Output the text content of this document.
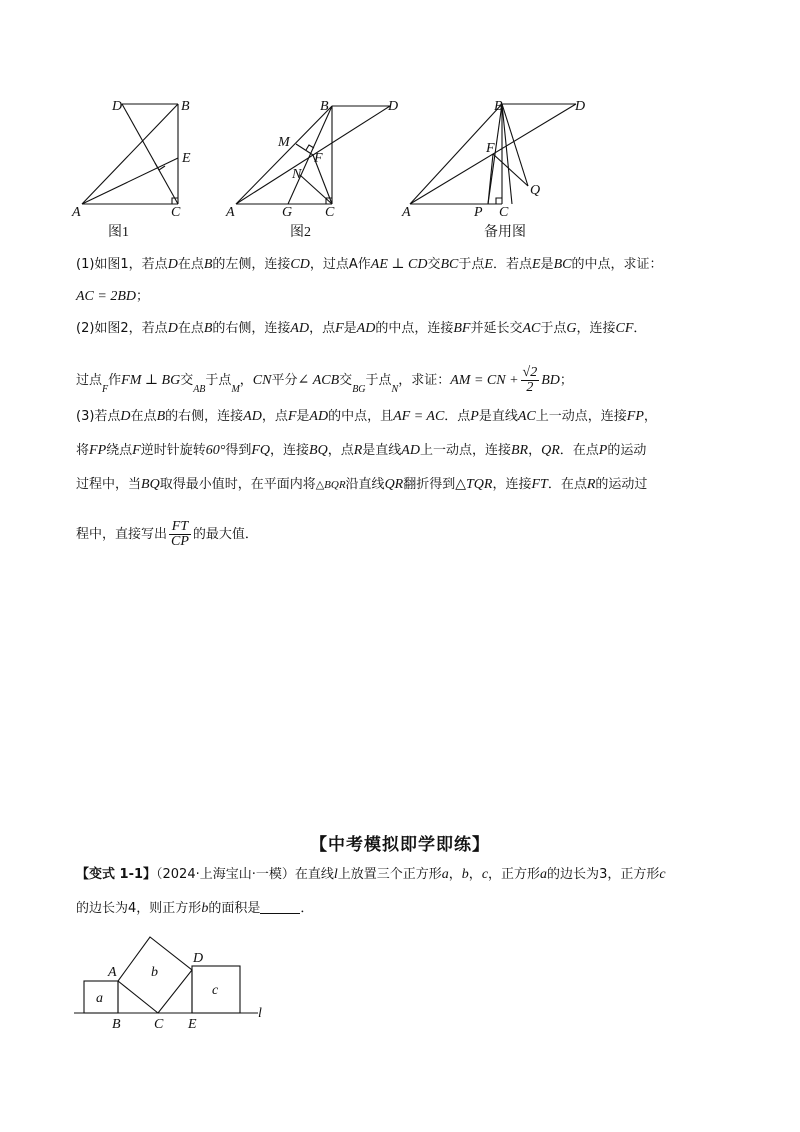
D	B
E
A	C
B	D
M
F
N
A	G C
B	D
F
Q
A	P C
A b
D
a
c
l
B C E
图1	图2	备用图
(1)如图1，若点D在点B的左侧，连接CD，过点A作AE ⊥ CD交BC于点E．若点E是BC的中点，求证：
AC = 2BD；
(2)如图2，若点D在点B的右侧，连接AD，点F是AD的中点，连接BF并延长交AC于点G，连接CF．
过点$_F$作FM ⊥ BG交$_{AB}$于点$_M$，CN平分∠ ACB交$_{BG}$于点$_N$，求证：AM = CN + $\frac{√2}{2}$ BD；
(3)若点D在点B的右侧，连接AD，点F是AD的中点，且AF = AC．点P是直线AC上一动点，连接FP，
将FP绕点F逆时针旋转60°得到FQ，连接BQ，点R是直线AD上一动点，连接BR，QR．在点P的运动
过程中，当BQ取得最小值时，在平面内将△BQR沿直线QR翻折得到△TQR，连接FT．在点R的运动过
程中，直接写出 $\frac{FT}{CP}$ 的最大值．
【中考模拟即学即练】
【变式 1-1】（2024·上海宝山·一模）在直线l上放置三个正方形a，b，c，正方形a的边长为3，正方形c
的边长为4，则正方形b的面积是	．
